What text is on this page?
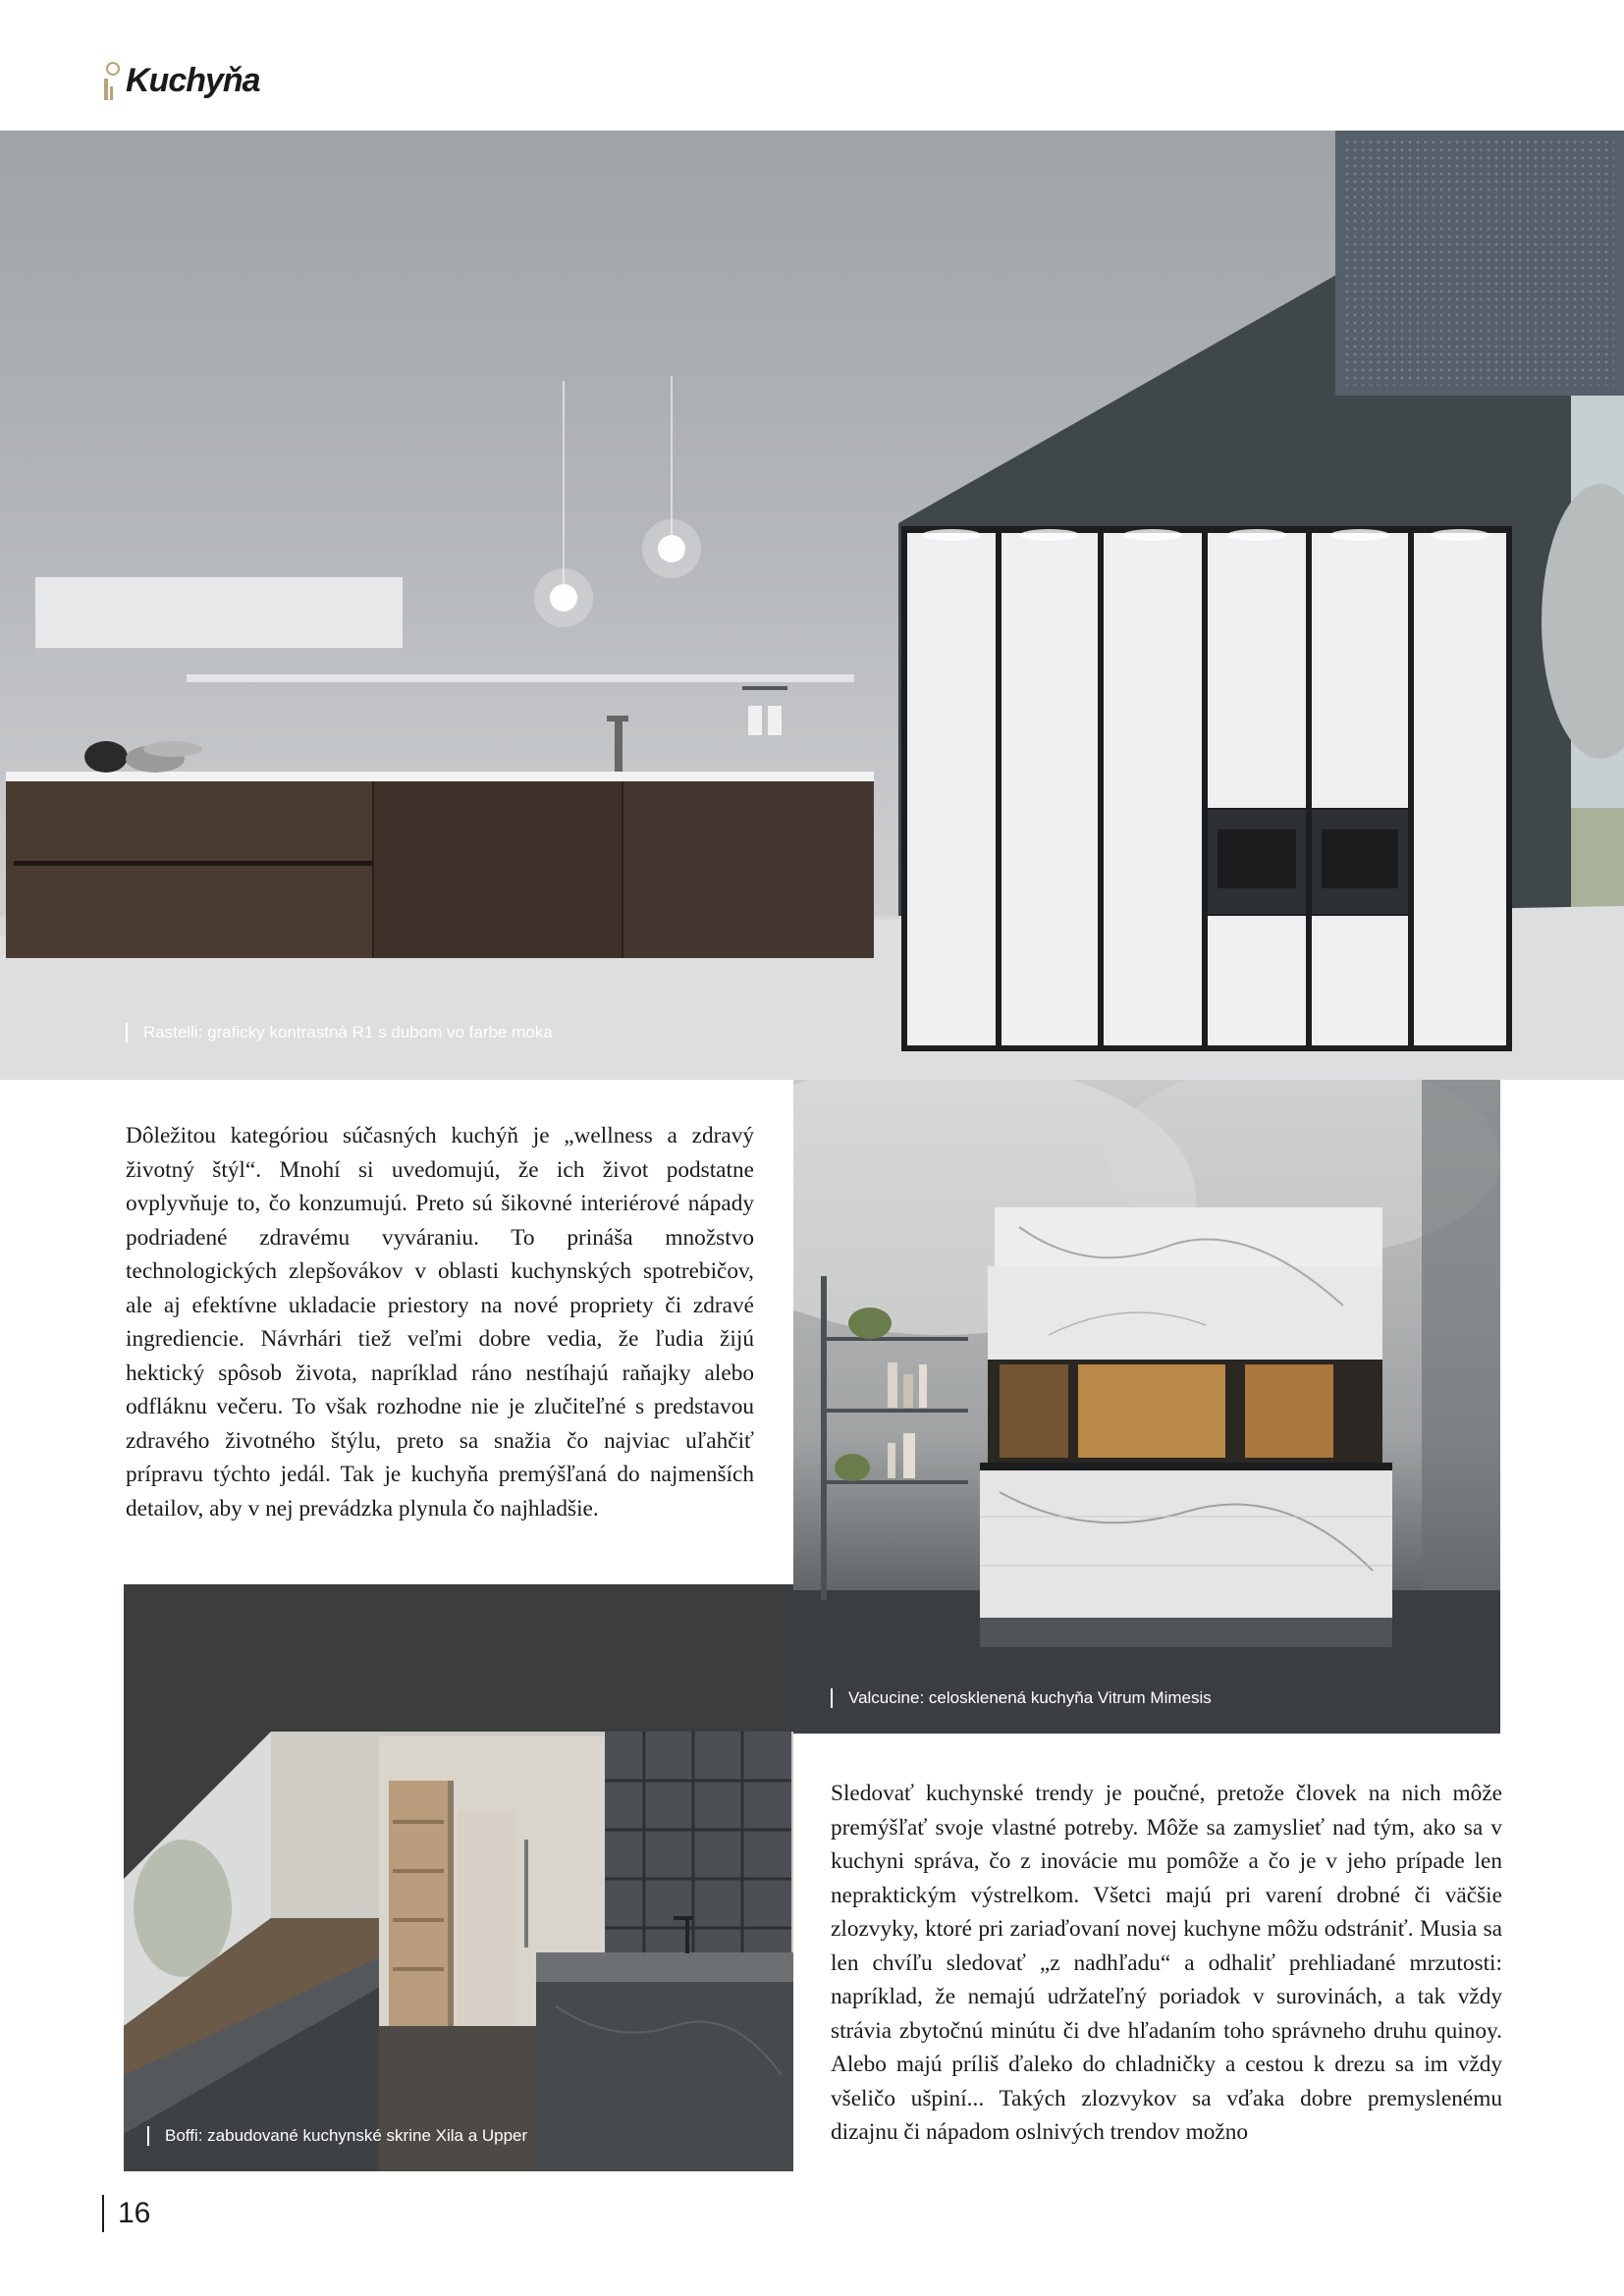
Kuchyňa
Rastelli: graficky kontrastná R1 s dubom vo farbe moka
Dôležitou kategóriou súčasných kuchýň je „wellness a zdravý životný štýl“. Mnohí si uvedomujú, že ich život podstatne ovplyvňuje to, čo konzumujú. Preto sú šikovné interiérové nápady podriadené zdravému vyváraniu. To prináša množstvo technologických zlepšovákov v oblasti kuchynských spotrebičov, ale aj efektívne ukladacie priestory na nové propriety či zdravé ingrediencie. Návrhári tiež veľmi dobre vedia, že ľudia žijú hektický spôsob života, napríklad ráno nestíhajú raňajky alebo odfláknu večeru. To však rozhodne nie je zlučiteľné s predstavou zdravého životného štýlu, preto sa snažia čo najviac uľahčiť prípravu týchto jedál. Tak je kuchyňa premýšľaná do najmenších detailov, aby v nej prevádzka plynula čo najhladšie.
Valcucine: celosklenená kuchyňa Vitrum Mimesis
Boffi: zabudované kuchynské skrine Xila a Upper
Sledovať kuchynské trendy je poučné, pretože človek na nich môže premýšľať svoje vlastné potreby. Môže sa zamyslieť nad tým, ako sa v kuchyni správa, čo z inovácie mu pomôže a čo je v jeho prípade len nepraktickým výstrelkom. Všetci majú pri varení drobné či väčšie zlozvyky, ktoré pri zariaďovaní novej kuchyne môžu odstrániť. Musia sa len chvíľu sledovať „z nadhľadu“ a odhaliť prehliadané mrzutosti: napríklad, že nemajú udržateľný poriadok v surovinách, a tak vždy strávia zbytočnú minútu či dve hľadaním toho správneho druhu quinoy. Alebo majú príliš ďaleko do chladničky a cestou k drezu sa im vždy všeličo ušpiní... Takých zlozvykov sa vďaka dobre premyslenému dizajnu či nápadom oslnivých trendov možno
16
